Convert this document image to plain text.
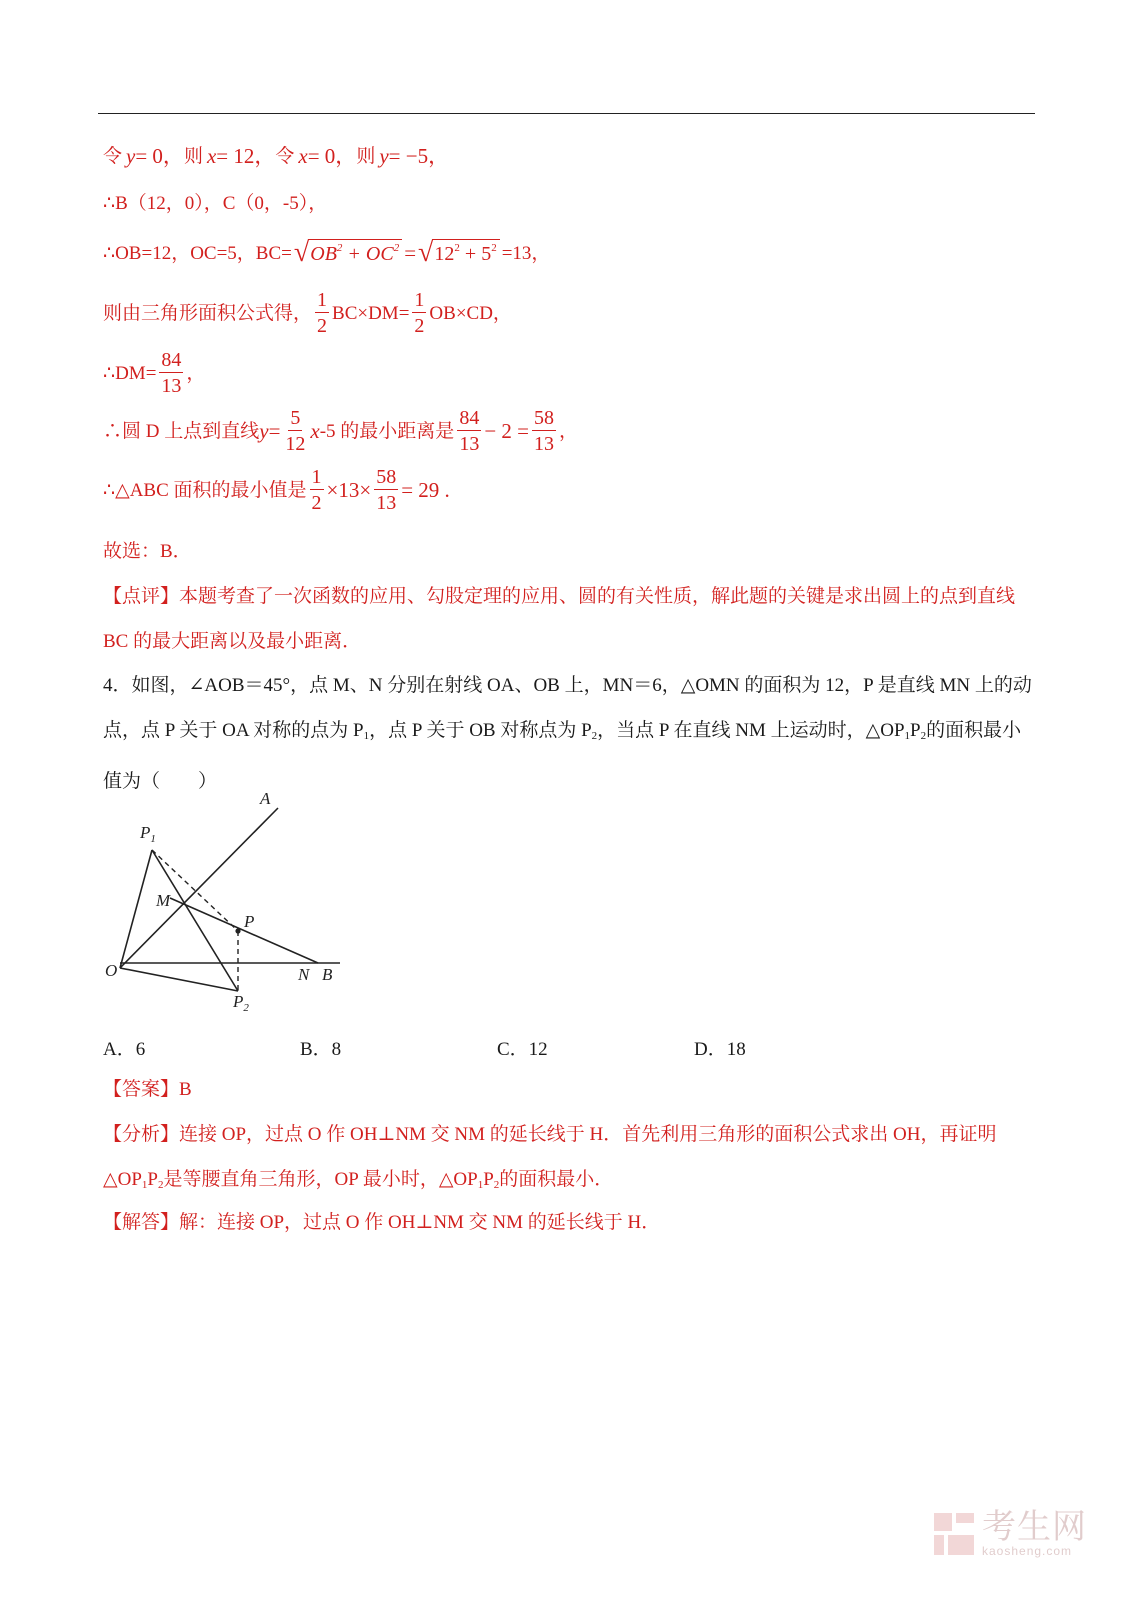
令 y = 0， 则 x = 12， 令 x = 0， 则 y = −5，
∴B（12，0），C（0，-5），
∴OB=12，OC=5，BC= √ $OB^2 + OC^2$ = √ $12^2 + 5^2 =13$，
则由三角形面积公式得， $\frac{1}{2} BC\times DM= \frac{1}{2} OB\times CD$，
∴DM= $\frac{84}{13}$ ，
∴圆 D 上点到直线 $y = \frac{5}{12}$ x -5 的最小距离是 $\frac{84}{13} - 2 = \frac{58}{13}$ ，
∴△ABC 面积的最小值是 $\frac{1}{2} \times 13\times \frac{58}{13} = 29$ .
故选：B．
【点评】本题考查了一次函数的应用、勾股定理的应用、圆的有关性质，解此题的关键是求出圆上的点到直线 BC 的最大距离以及最小距离．
4．如图，∠AOB＝45°，点 M、N 分别在射线 OA、OB 上，MN＝6，△OMN 的面积为 12，P 是直线 MN 上的动点，点 P 关于 OA 对称的点为 $P_1$，点 P 关于 OB 对称点为 $P_2$，当点 P 在直线 NM 上运动时，$\triangle OP_1P_2$的面积最小值为（　　）
A
$P_1$
M
P
O	N B
$P_2$
A．6	B．8	C．12	D．18
【答案】B
【分析】连接 OP，过点 O 作 OH⊥NM 交 NM 的延长线于 H．首先利用三角形的面积公式求出 OH，再证明$\triangle OP_1P_2$是等腰直角三角形，OP 最小时，$\triangle OP_1P_2$的面积最小．
【解答】解：连接 OP，过点 O 作 OH⊥NM 交 NM 的延长线于 H．
考生网
kaosheng.com
